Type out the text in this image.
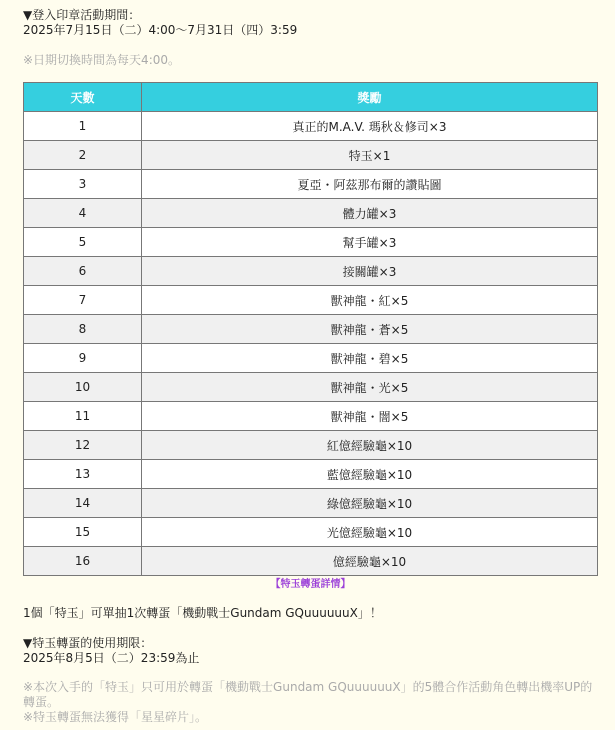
▼登入印章活動期間：

2025年7月15日（二）4:00～7月31日（四）3:59

※日期切換時間為每天4:00。

天數	獎勵
1	真正的M.A.V. 瑪秋＆修司×3
2	特玉×1
3	夏亞・阿茲那布爾的讚貼圖
4	體力罐×3
5	幫手罐×3
6	接關罐×3
7	獸神龍・紅×5
8	獸神龍・蒼×5
9	獸神龍・碧×5
10	獸神龍・光×5
11	獸神龍・闇×5
12	紅億經驗龜×10
13	藍億經驗龜×10
14	綠億經驗龜×10
15	光億經驗龜×10
16	億經驗龜×10
【特玉轉蛋詳情】

1個「特玉」可單抽1次轉蛋「機動戰士Gundam GQuuuuuuX」！

▼特玉轉蛋的使用期限：

2025年8月5日（二）23:59為止

※本次入手的「特玉」只可用於轉蛋「機動戰士Gundam GQuuuuuuX」的5體合作活動角色轉出機率UP的轉蛋。

※特玉轉蛋無法獲得「星星碎片」。
